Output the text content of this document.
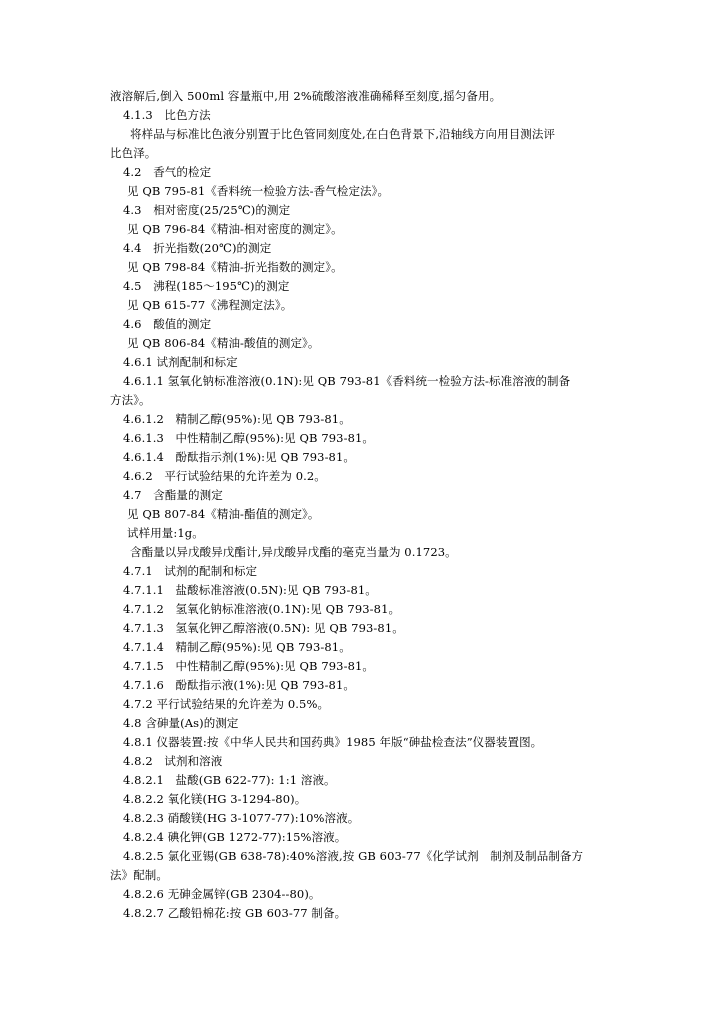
液溶解后,倒入 500ml 容量瓶中,用 2%硫酸溶液准确稀释至刻度,摇匀备用。
4.1.3　比色方法
将样品与标准比色液分别置于比色管同刻度处,在白色背景下,沿轴线方向用目测法评
比色泽。
4.2　香气的检定
见 QB 795-81《香料统一检验方法-香气检定法》。
4.3　相对密度(25/25℃)的测定
见 QB 796-84《精油-相对密度的测定》。
4.4　折光指数(20℃)的测定
见 QB 798-84《精油-折光指数的测定》。
4.5　沸程(185～195℃)的测定
见 QB 615-77《沸程测定法》。
4.6　酸值的测定
见 QB 806-84《精油-酸值的测定》。
4.6.1 试剂配制和标定
4.6.1.1 氢氧化钠标准溶液(0.1N):见 QB 793-81《香料统一检验方法-标准溶液的制备
方法》。
4.6.1.2　精制乙醇(95%):见 QB 793-81。
4.6.1.3　中性精制乙醇(95%):见 QB 793-81。
4.6.1.4　酚酞指示剂(1%):见 QB 793-81。
4.6.2　平行试验结果的允许差为 0.2。
4.7　含酯量的测定
见 QB 807-84《精油-酯值的测定》。
试样用量:1g。
含酯量以异戊酸异戊酯计,异戊酸异戊酯的毫克当量为 0.1723。
4.7.1　试剂的配制和标定
4.7.1.1　盐酸标准溶液(0.5N):见 QB 793-81。
4.7.1.2　氢氧化钠标准溶液(0.1N):见 QB 793-81。
4.7.1.3　氢氧化钾乙醇溶液(0.5N): 见 QB 793-81。
4.7.1.4　精制乙醇(95%):见 QB 793-81。
4.7.1.5　中性精制乙醇(95%):见 QB 793-81。
4.7.1.6　酚酞指示液(1%):见 QB 793-81。
4.7.2 平行试验结果的允许差为 0.5%。
4.8 含砷量(As)的测定
4.8.1 仪器装置:按《中华人民共和国药典》1985 年版“砷盐检查法”仪器装置图。
4.8.2　试剂和溶液
4.8.2.1　盐酸(GB 622-77): 1:1 溶液。
4.8.2.2 氧化镁(HG 3-1294-80)。
4.8.2.3 硝酸镁(HG 3-1077-77):10%溶液。
4.8.2.4 碘化钾(GB 1272-77):15%溶液。
4.8.2.5 氯化亚锡(GB 638-78):40%溶液,按 GB 603-77《化学试剂　制剂及制品制备方
法》配制。
4.8.2.6 无砷金属锌(GB 2304--80)。
4.8.2.7 乙酸铅棉花:按 GB 603-77 制备。
